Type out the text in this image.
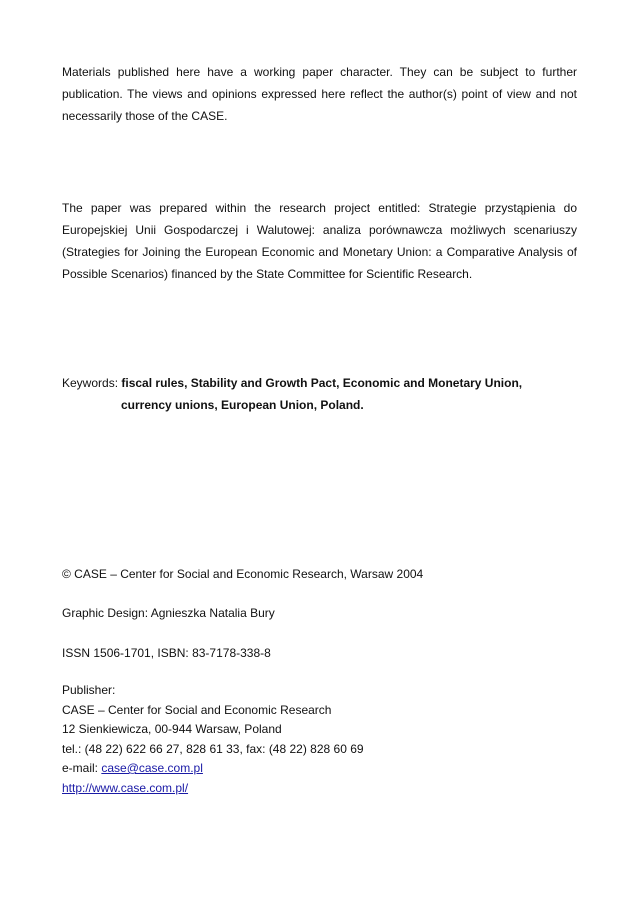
Materials published here have a working paper character. They can be subject to further publication. The views and opinions expressed here reflect the author(s) point of view and not necessarily those of the CASE.
The paper was prepared within the research project entitled: Strategie przystąpienia do Europejskiej Unii Gospodarczej i Walutowej: analiza porównawcza możliwych scenariuszy (Strategies for Joining the European Economic and Monetary Union: a Comparative Analysis of Possible Scenarios) financed by the State Committee for Scientific Research.
Keywords: fiscal rules, Stability and Growth Pact, Economic and Monetary Union,
currency unions, European Union, Poland.
© CASE – Center for Social and Economic Research, Warsaw 2004
Graphic Design: Agnieszka Natalia Bury
ISSN 1506-1701, ISBN: 83-7178-338-8
Publisher:
CASE – Center for Social and Economic Research
12 Sienkiewicza, 00-944 Warsaw, Poland
tel.: (48 22) 622 66 27, 828 61 33, fax: (48 22) 828 60 69
e-mail: case@case.com.pl
http://www.case.com.pl/
